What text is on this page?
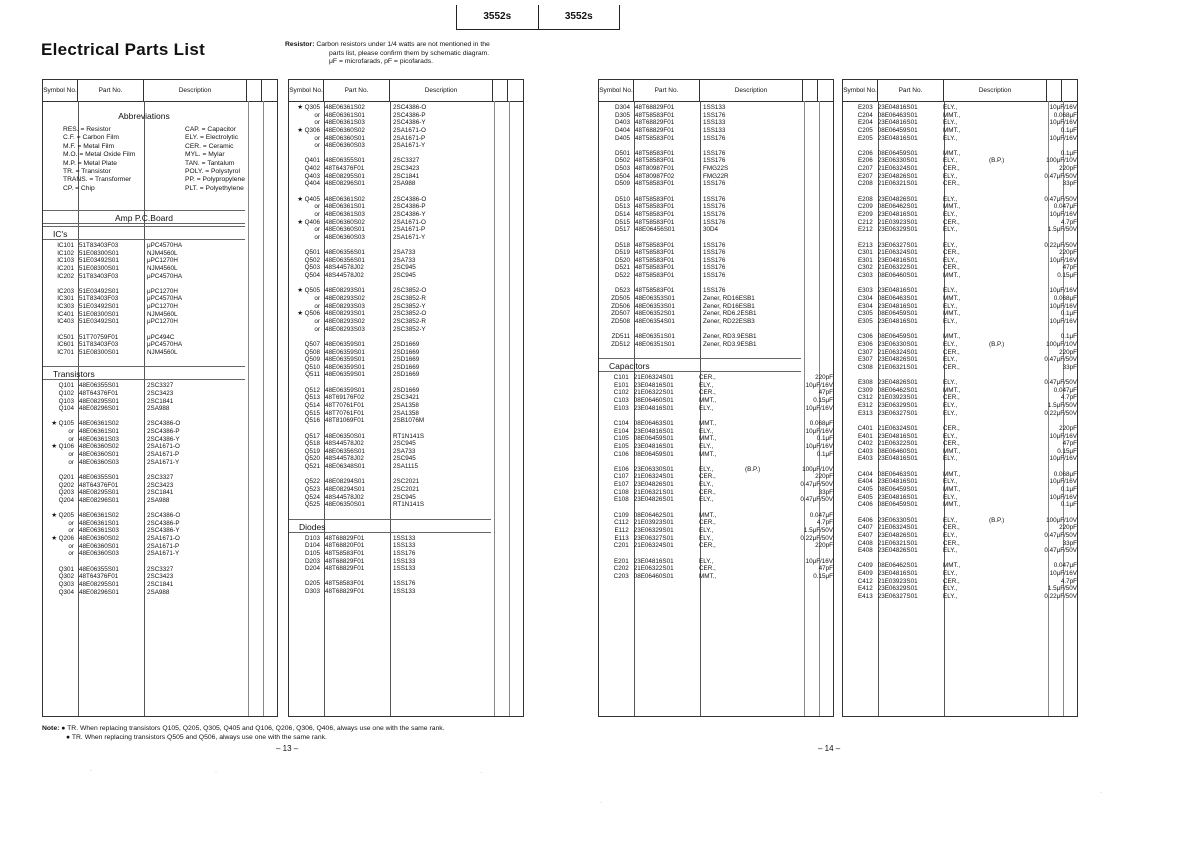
3552s	3552s
Electrical Parts List	Resistor: Carbon resistors under 1/4 watts are not mentioned in the
parts list, please confirm them by schematic diagram.
μF = microfarads, pF = picofarads.
Symbol No.	Part No.	Description
Abbreviations
RES. = Resistor
C.F. = Carbon Film
M.F. = Metal Film
M.O. = Metal Oxide Film
M.P. = Metal Plate
TR. = Transistor
TRANS. = Transformer
CP. = Chip
CAP. = Capacitor
ELY. = Electrolytic
CER. = Ceramic
MYL. = Mylar
TAN. = Tantalum
POLY. = Polystyrol
PP. = Polypropylene
PLT. = Polyethylene
Amp P.C.Board
IC's
IC101 51T83403F03	μPC4570HA
IC102 51E08300S01	NJM4560L
IC103 51E03492S01	μPC1270H
IC201 51E08300S01	NJM4560L
IC202 51T83403F03	μPC4570HA
IC203 51E03492S01	μPC1270H
IC301 51T83403F03	μPC4570HA
IC303 51E03492S01	μPC1270H
IC401 51E08300S01	NJM4560L
IC403 51E03492S01	μPC1270H
IC501 51T70759F01	μPC494C
IC601 51T83403F03	μPC4570HA
IC701 51E08300S01	NJM4560L
Transistors
Q101 48E06355S01	2SC3327
Q102 48T64376F01	2SC3423
Q103 48E08295S01	2SC1841
Q104 48E08296S01	2SA988
★ Q105 48E06361S02	2SC4386-O
or 48E06361S01	2SC4386-P
or 48E06361S03	2SC4386-Y
★ Q106 48E06360S02	2SA1671-O
or 48E06360S01	2SA1671-P
or 48E06360S03	2SA1671-Y
Q201 48E06355S01	2SC3327
Q202 48T64376F01	2SC3423
Q203 48E08295S01	2SC1841
Q204 48E08296S01	2SA988
★ Q205 48E06361S02	2SC4386-O
or 48E06361S01	2SC4386-P
or 48E06361S03	2SC4386-Y
★ Q206 48E06360S02	2SA1671-O
or 48E06360S01	2SA1671-P
or 48E06360S03	2SA1671-Y
Q301 48E06355S01	2SC3327
Q302 48T64376F01	2SC3423
Q303 48E08295S01	2SC1841
Q304 48E08296S01	2SA988
Symbol No.	Part No.	Description
★ Q305 48E06361S02	2SC4386-O
or 48E06361S01	2SC4386-P
or 48E06361S03	2SC4386-Y
★ Q306 48E06360S02	2SA1671-O
or 48E06360S01	2SA1671-P
or 48E06360S03	2SA1671-Y
Q401 48E06355S01	2SC3327
Q402 48T64376F01	2SC3423
Q403 48E08295S01	2SC1841
Q404 48E08296S01	2SA988
★ Q405 48E06361S02	2SC4386-O
or 48E06361S01	2SC4386-P
or 48E06361S03	2SC4386-Y
★ Q406 48E06360S02	2SA1671-O
or 48E06360S01	2SA1671-P
or 48E06360S03	2SA1671-Y
Q501 48E06356S01	2SA733
Q502 48E06356S01	2SA733
Q503 48S44578J02	2SC945
Q504 48S44578J02	2SC945
★ Q505 48E08293S01	2SC3852-O
or 48E08293S02	2SC3852-R
or 48E08293S03	2SC3852-Y
★ Q506 48E08293S01	2SC3852-O
or 48E08293S02	2SC3852-R
or 48E08293S03	2SC3852-Y
Q507 48E06359S01	2SD1669
Q508 48E06359S01	2SD1669
Q509 48E06359S01	2SD1669
Q510 48E06359S01	2SD1669
Q511 48E06359S01	2SD1669
Q512 48E06359S01	2SD1669
Q513 48T69176F02	2SC3421
Q514 48T70761F01	2SA1358
Q515 48T70761F01	2SA1358
Q516 48T81069F01	2SB1076M
Q517 48E06350S01	RT1N141S
Q518 48S44578J02	2SC945
Q519 48E06356S01	2SA733
Q520 48S44578J02	2SC945
Q521 48E06348S01	2SA1115
Q522 48E08294S01	2SC2021
Q523 48E08294S01	2SC2021
Q524 48S44578J02	2SC945
Q525 48E06350S01	RT1N141S
Diodes
D103 48T68829F01	1SS133
D104 48T68820F01	1SS133
D105 48T58583F01	1SS176
D203 48T68829F01	1SS133
D204 48T68829F01	1SS133
D205 48T58583F01	1SS176
D303 48T68829F01	1SS133
Symbol No.	Part No.	Description
D304 48T68829F01	1SS133
D305 48T58583F01	1SS176
D403 48T68829F01	1SS133
D404 48T68829F01	1SS133
D405 48T58583F01	1SS176
D501 48T58583F01	1SS176
D502 48T58583F01	1SS176
D503 48T80987F01	FMG22S
D504 48T80987F02	FMG22R
D509 48T58583F01	1SS176
D510 48T58583F01	1SS176
D513 48T58583F01	1SS176
D514 48T58583F01	1SS176
D515 48T58583F01	1SS176
D517 48E06456S01	30D4
D518 48T58583F01	1SS176
D519 48T58583F01	1SS176
D520 48T58583F01	1SS176
D521 48T58583F01	1SS176
D522 48T58583F01	1SS176
D523 48T58583F01	1SS176
ZD505 48E06353S01	Zener, RD16ESB1
ZD506 48E06353S01	Zener, RD16ESB1
ZD507 48E06352S01	Zener, RD6.2ESB1
ZD508 48E06354S01	Zener, RD22ESB3
ZD511 48E06351S01	Zener, RD3.9ESB1
ZD512 48E06351S01	Zener, RD3.9ESB1
Capacitors
C101 21E06324S01	CER.,	220pF
E101 23E04816S01	ELY.,	10μF/16V
C102 21E06322S01	CER.,	47pF
C103 08E06460S01	MMT.,	0.15μF
E103 23E04816S01	ELY.,	10μF/16V
C104 08E06463S01	MMT.,	0.068μF
E104 23E04816S01	ELY.,	10μF/16V
C105 08E06459S01	MMT.,	0.1μF
E105 23E04816S01	ELY.,	10μF/16V
C106 08E06459S01	MMT.,	0.1μF
E106 23E06330S01	ELY.,	(B.P.)	100μF/10V
C107 21E06324S01	CER.,	220pF
E107 23E04826S01	ELY.,	0.47μF/50V
C108 21E06321S01	CER.,	33pF
E108 23E04826S01	ELY.,	0.47μF/50V
C109 08E06462S01	MMT.,	0.047μF
C112 21E03923S01	CER.,	4.7pF
E112 23E06329S01	ELY.,	1.5μF/50V
E113 23E06327S01	ELY.,	0.22μF/50V
C201 21E06324S01	CER.,	220pF
E201 23E04816S01	ELY.,	10μF/16V
C202 21E06322S01	CER.,	47pF
C203 08E06460S01	MMT.,	0.15μF
Symbol No.	Part No.	Description
E203 23E04816S01	ELY.,	10μF/16V
C204 08E06463S01	MMT.,	0.068μF
E204 23E04816S01	ELY.,	10μF/16V
C205 08E06459S01	MMT.,	0.1μF
E205 23E04816S01	ELY.,	10μF/16V
C206 08E06459S01	MMT.,	0.1μF
E206 23E06330S01	ELY.,	(B.P.)	100μF/10V
C207 21E06324S01	CER.,	220pF
E207 23E04826S01	ELY.,	0.47μF/50V
C208 21E06321S01	CER.,	33pF
E208 23E04826S01	ELY.,	0.47μF/50V
C209 08E06462S01	MMT.,	0.047μF
E209 23E04816S01	ELY.,	10μF/16V
C212 21E03923S01	CER.,	4.7pF
E212 23E06329S01	ELY.,	1.5μF/50V
E213 23E06327S01	ELY.,	0.22μF/50V
C301 21E06324S01	CER.,	220pF
E301 23E04816S01	ELY.,	10μF/16V
C302 21E06322S01	CER.,	47pF
C303 08E06460S01	MMT.,	0.15μF
E303 23E04816S01	ELY.,	10μF/16V
C304 08E06463S01	MMT.,	0.068μF
E304 23E04816S01	ELY.,	10μF/16V
C305 08E06459S01	MMT.,	0.1μF
E305 23E04816S01	ELY.,	10μF/16V
C306 08E06459S01	MMT.,	0.1μF
E306 23E06330S01	ELY.,	(B.P.)	100μF/10V
C307 21E06324S01	CER.,	220pF
E307 23E04826S01	ELY.,	0.47μF/50V
C308 21E06321S01	CER.,	33pF
E308 23E04826S01	ELY.,	0.47μF/50V
C309 08E06462S01	MMT.,	0.047μF
C312 21E03923S01	CER.,	4.7pF
E312 23E06329S01	ELY.,	1.5μF/50V
E313 23E06327S01	ELY.,	0.22μF/50V
C401 21E06324S01	CER.,	220pF
E401 23E04816S01	ELY.,	10μF/16V
C402 21E06322S01	CER.,	47pF
C403 08E06460S01	MMT.,	0.15μF
E403 23E04816S01	ELY.,	10μF/16V
C404 08E06463S01	MMT.,	0.068μF
E404 23E04816S01	ELY.,	10μF/16V
C405 08E06459S01	MMT.,	0.1μF
E405 23E04816S01	ELY.,	10μF/16V
C406 08E06459S01	MMT.,	0.1μF
E406 23E06330S01	ELY.,	(B.P.)	100μF/10V
C407 21E06324S01	CER.,	220pF
E407 23E04826S01	ELY.,	0.47μF/50V
C408 21E06321S01	CER.,	33pF
E408 23E04826S01	ELY.,	0.47μF/50V
C409 08E06462S01	MMT.,	0.047μF
E409 23E04816S01	ELY.,	10μF/16V
C412 21E03923S01	CER.,	4.7pF
E412 23E06329S01	ELY.,	1.5μF/50V
E413 23E06327S01	ELY.,	0.22μF/50V
Note: ● TR. When replacing transistors Q105, Q205, Q305, Q405 and Q106, Q206, Q306, Q406, always use one with the same rank.
● TR. When replacing transistors Q505 and Q506, always use one with the same rank.
– 13 –	– 14 –
·	·	·
·
·
